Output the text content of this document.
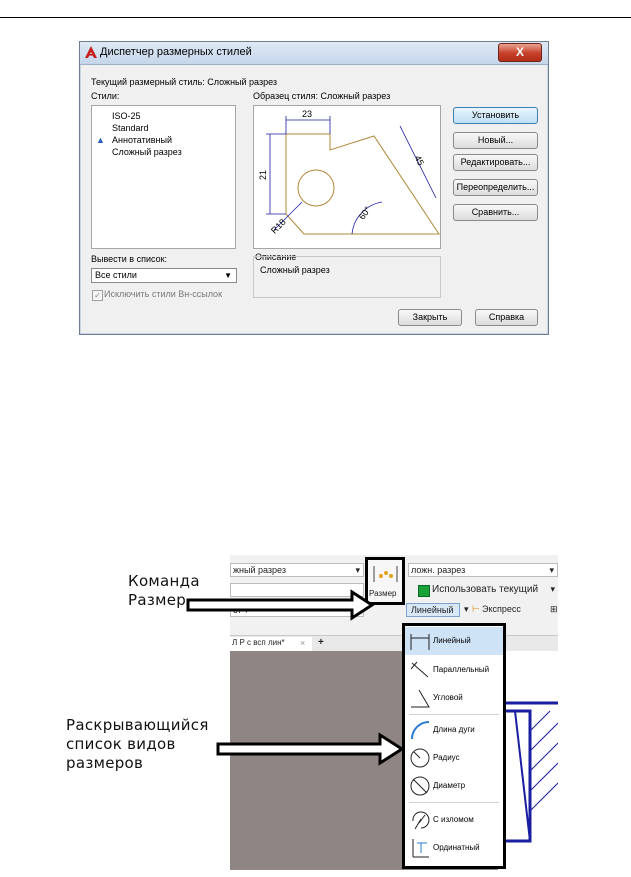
Диспетчер размерных стилей	X
Текущий размерный стиль: Сложный разрез
Стили:	Образец стиля: Сложный разрез
ISO-25
Standard
▲ Аннотативный
Сложный разрез
23
21
45
60°
R18
Установить
Новый...
Редактировать...
Переопределить...
Сравнить...
Вывести в список:
Все стили	▼
✓ Исключить стили Вн-ссылок
Описание
Сложный разрез
Закрыть	Справка
Команда
Размер
Раскрывающийся
список видов
размеров
жный разрез	▾
Размер
ложн. разрез	▾
Использовать текущий ▾
Линейный ▾ ⊢ Экспресс	⊞
Л Р с всп лин* × +	Линейный
Параллельный
Угловой
Длина дуги
Радиус
Диаметр
С изломом
Ординатный
